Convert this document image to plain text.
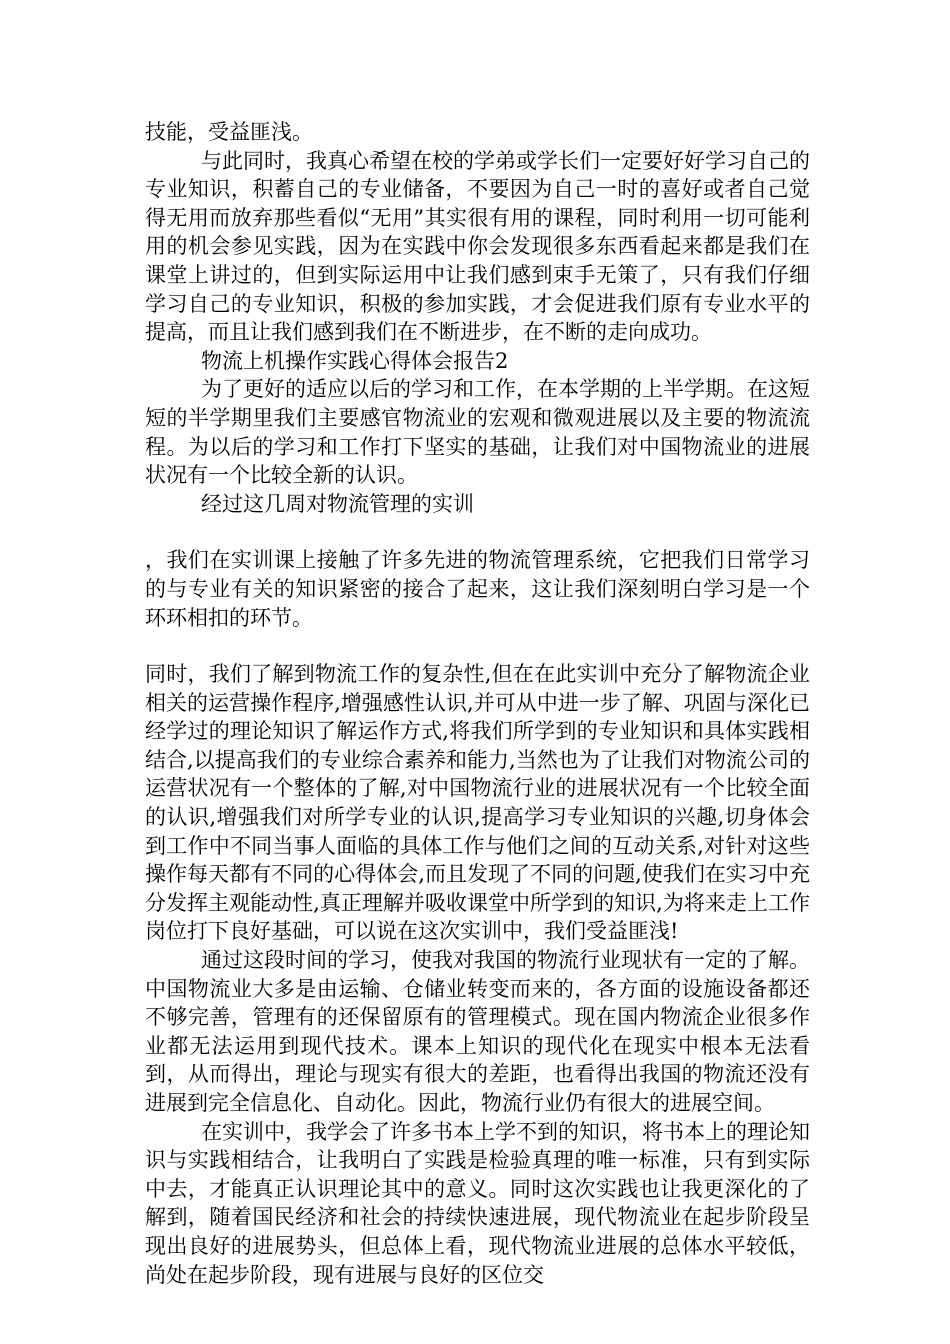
技能，受益匪浅。

与此同时，我真心希望在校的学弟或学长们一定要好好学习自己的专业知识，积蓄自己的专业储备，不要因为自己一时的喜好或者自己觉得无用而放弃那些看似“无用”其实很有用的课程，同时利用一切可能利用的机会参见实践，因为在实践中你会发现很多东西看起来都是我们在课堂上讲过的，但到实际运用中让我们感到束手无策了，只有我们仔细学习自己的专业知识，积极的参加实践，才会促进我们原有专业水平的提高，而且让我们感到我们在不断进步，在不断的走向成功。

物流上机操作实践心得体会报告2

为了更好的适应以后的学习和工作，在本学期的上半学期。在这短短的半学期里我们主要感官物流业的宏观和微观进展以及主要的物流流程。为以后的学习和工作打下坚实的基础，让我们对中国物流业的进展状况有一个比较全新的认识。

经过这几周对物流管理的实训

，我们在实训课上接触了许多先进的物流管理系统，它把我们日常学习的与专业有关的知识紧密的接合了起来，这让我们深刻明白学习是一个环环相扣的环节。

同时，我们了解到物流工作的复杂性,但在在此实训中充分了解物流企业相关的运营操作程序,增强感性认识,并可从中进一步了解、巩固与深化已经学过的理论知识了解运作方式,将我们所学到的专业知识和具体实践相结合,以提高我们的专业综合素养和能力,当然也为了让我们对物流公司的运营状况有一个整体的了解,对中国物流行业的进展状况有一个比较全面的认识,增强我们对所学专业的认识,提高学习专业知识的兴趣,切身体会到工作中不同当事人面临的具体工作与他们之间的互动关系,对针对这些操作每天都有不同的心得体会,而且发现了不同的问题,使我们在实习中充分发挥主观能动性,真正理解并吸收课堂中所学到的知识,为将来走上工作岗位打下良好基础，可以说在这次实训中，我们受益匪浅!

通过这段时间的学习，使我对我国的物流行业现状有一定的了解。中国物流业大多是由运输、仓储业转变而来的，各方面的设施设备都还不够完善，管理有的还保留原有的管理模式。现在国内物流企业很多作业都无法运用到现代技术。课本上知识的现代化在现实中根本无法看到，从而得出，理论与现实有很大的差距，也看得出我国的物流还没有进展到完全信息化、自动化。因此，物流行业仍有很大的进展空间。

在实训中，我学会了许多书本上学不到的知识，将书本上的理论知识与实践相结合，让我明白了实践是检验真理的唯一标准，只有到实际中去，才能真正认识理论其中的意义。同时这次实践也让我更深化的了解到，随着国民经济和社会的持续快速进展，现代物流业在起步阶段呈现出良好的进展势头，但总体上看，现代物流业进展的总体水平较低，尚处在起步阶段，现有进展与良好的区位交
